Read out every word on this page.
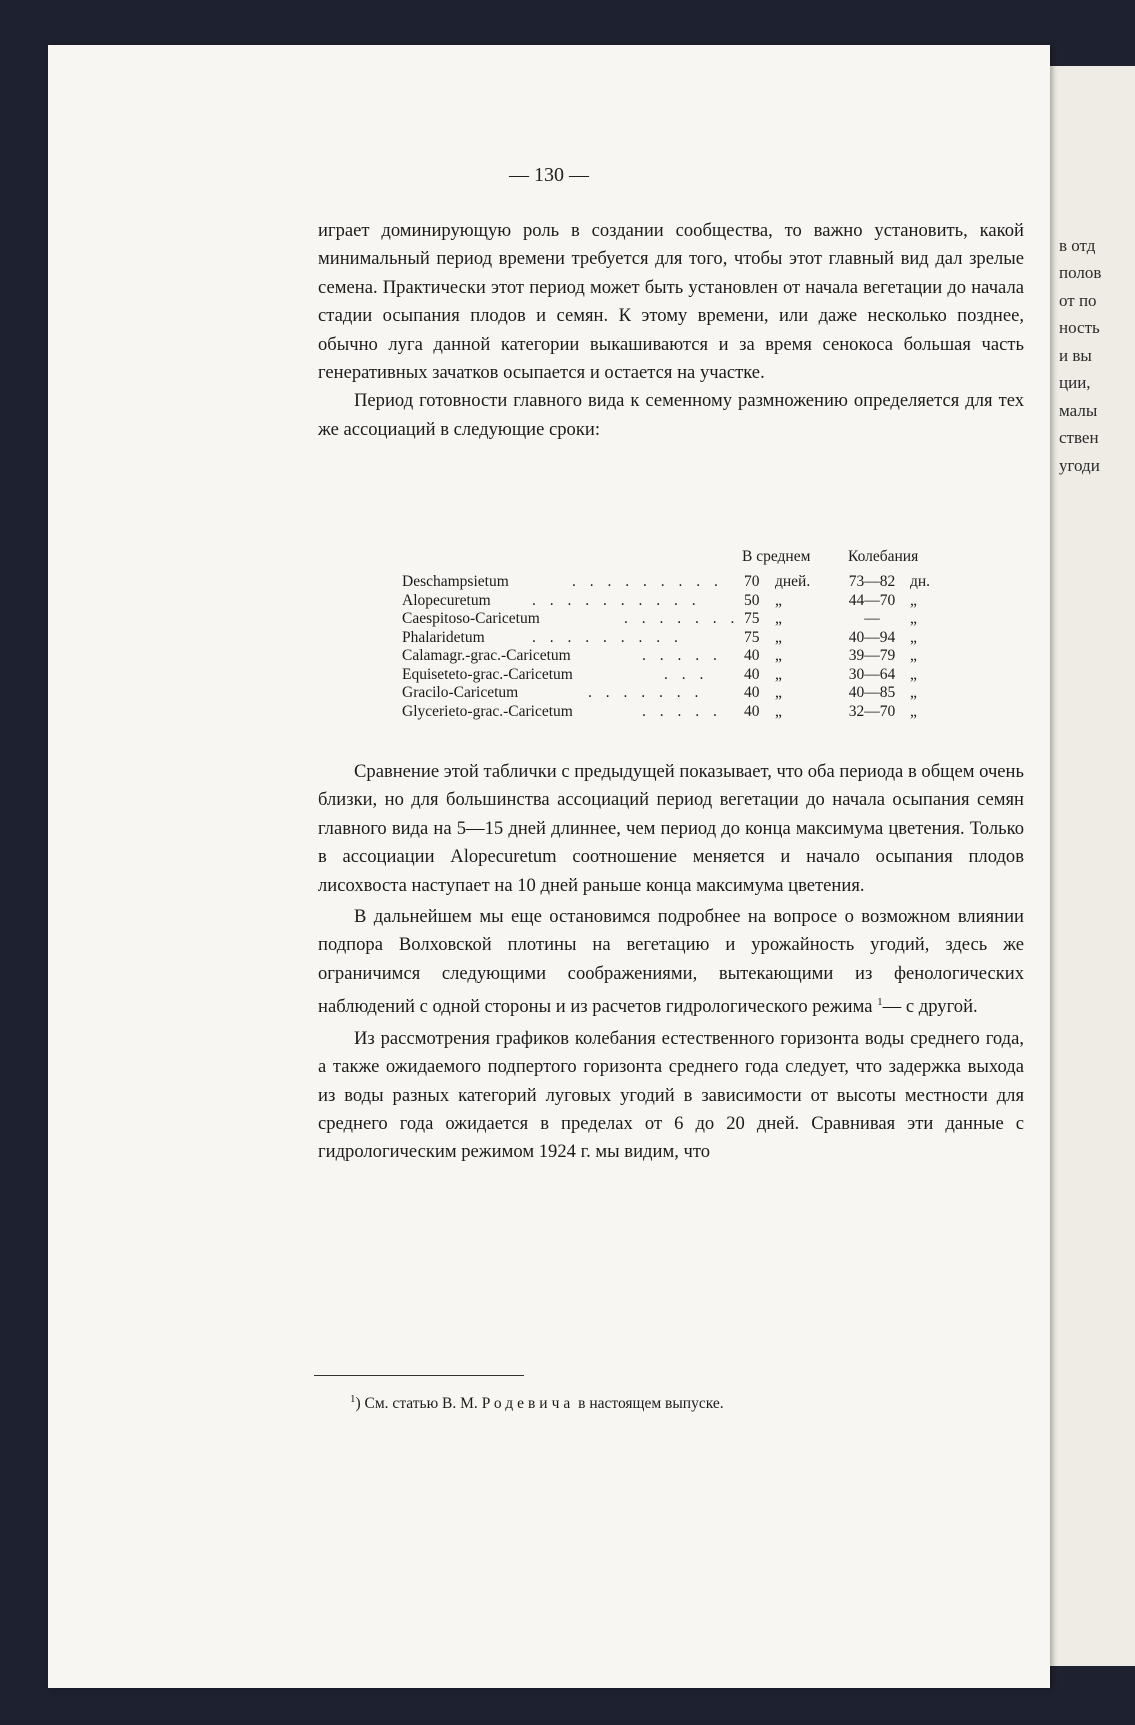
в отд
полов
от по
ность
и вы
ции,
малы
ствен
угоди
— 130 —

играет доминирующую роль в создании сообщества, то важно установить, какой минимальный период времени требуется для того, чтобы этот главный вид дал зрелые семена. Практически этот период может быть установлен от начала вегетации до начала стадии осыпания плодов и семян. К этому времени, или даже несколько позднее, обычно луга данной категории выкашиваются и за время сенокоса большая часть генеративных зачатков осыпается и остается на участке.

Период готовности главного вида к семенному размножению определяется для тех же ассоциаций в следующие сроки:

В среднем Колебания
Deschampsietum	. . . . . . . . . 70 дней.	73—82 дн.
Alopecuretum	. . . . . . . . . .	50 „	44—70 „
Caespitoso-Caricetum	. . . . . . . 75 „	—	„
Phalaridetum	. . . . . . . . .	75 „	40—94 „
Calamagr.-grac.-Caricetum	. . . . . 40 „	39—79 „
Equiseteto-grac.-Caricetum	. . . 40 „	30—64 „
Gracilo-Caricetum	. . . . . . .	40 „	40—85 „
Glycerieto-grac.-Caricetum	. . . . . 40 „	32—70 „

Сравнение этой таблички с предыдущей показывает, что оба периода в общем очень близки, но для большинства ассоциаций период вегетации до начала осыпания семян главного вида на 5—15 дней длиннее, чем период до конца максимума цветения. Только в ассоциации Alopecuretum соотношение меняется и начало осыпания плодов лисохвоста наступает на 10 дней раньше конца максимума цветения.

В дальнейшем мы еще остановимся подробнее на вопросе о возможном влиянии подпора Волховской плотины на вегетацию и урожайность угодий, здесь же ограничимся следующими соображениями, вытекающими из фенологических наблюдений с одной стороны и из расчетов гидрологического режима $^1$— с другой.

Из рассмотрения графиков колебания естественного горизонта воды среднего года, а также ожидаемого подпертого горизонта среднего года следует, что задержка выхода из воды разных категорий луговых угодий в зависимости от высоты местности для среднего года ожидается в пределах от 6 до 20 дней. Сравнивая эти данные с гидрологическим режимом 1924 г. мы видим, что

$^1$) См. статью В. М. Родевича в настоящем выпуске.
